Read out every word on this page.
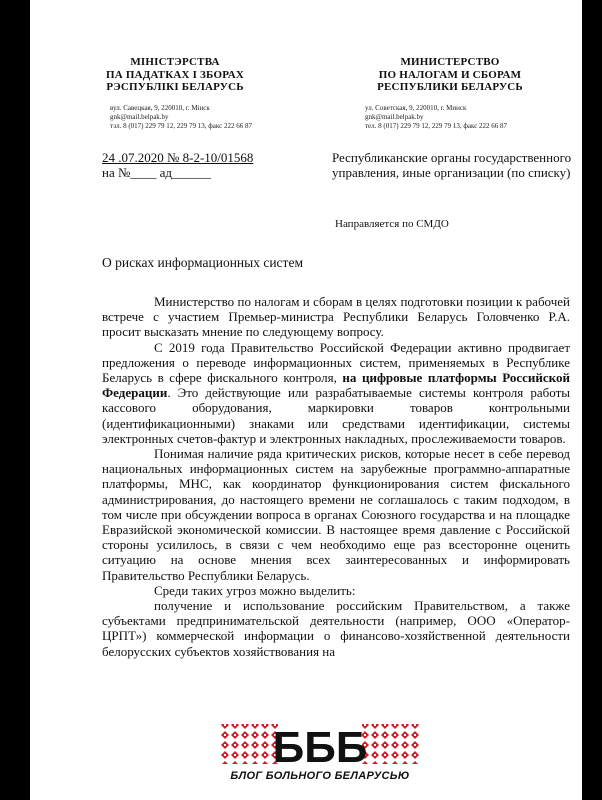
МІНІСТЭРСТВА
ПА ПАДАТКАХ І ЗБОРАХ
РЭСПУБЛІКІ БЕЛАРУСЬ
МИНИСТЕРСТВО
ПО НАЛОГАМ И СБОРАМ
РЕСПУБЛИКИ БЕЛАРУСЬ
вул. Савецкая, 9, 220010, г. Мінск
gnk@mail.belpak.by
тэл. 8 (017) 229 79 12, 229 79 13, факс 222 66 87
ул. Советская, 9, 220010, г. Минск
gnk@mail.belpak.by
тел. 8 (017) 229 79 12, 229 79 13, факс 222 66 87
24 .07.2020 № 8-2-10/01568
на №____ ад______
Республиканские органы государственного управления, иные организации (по списку)
Направляется по СМДО
О рисках информационных систем

Министерство по налогам и сборам в целях подготовки позиции к рабочей встрече с участием Премьер-министра Республики Беларусь Головченко Р.А. просит высказать мнение по следующему вопросу.

С 2019 года Правительство Российской Федерации активно продвигает предложения о переводе информационных систем, применяемых в Республике Беларусь в сфере фискального контроля, на цифровые платформы Российской Федерации. Это действующие или разрабатываемые системы контроля работы кассового оборудования, маркировки товаров контрольными (идентификационными) знаками или средствами идентификации, системы электронных счетов-фактур и электронных накладных, прослеживаемости товаров.

Понимая наличие ряда критических рисков, которые несет в себе перевод национальных информационных систем на зарубежные программно-аппаратные платформы, МНС, как координатор функционирования систем фискального администрирования, до настоящего времени не соглашалось с таким подходом, в том числе при обсуждении вопроса в органах Союзного государства и на площадке Евразийской экономической комиссии. В настоящее время давление с Российской стороны усилилось, в связи с чем необходимо еще раз всесторонне оценить ситуацию на основе мнения всех заинтересованных и информировать Правительство Республики Беларусь.

Среди таких угроз можно выделить:

получение и использование российским Правительством, а также субъектами предпринимательской деятельности (например, ООО «Оператор-ЦРПТ») коммерческой информации о финансово-хозяйственной деятельности белорусских субъектов хозяйствования на

БББ
БЛОГ БОЛЬНОГО БЕЛАРУСЬЮ
